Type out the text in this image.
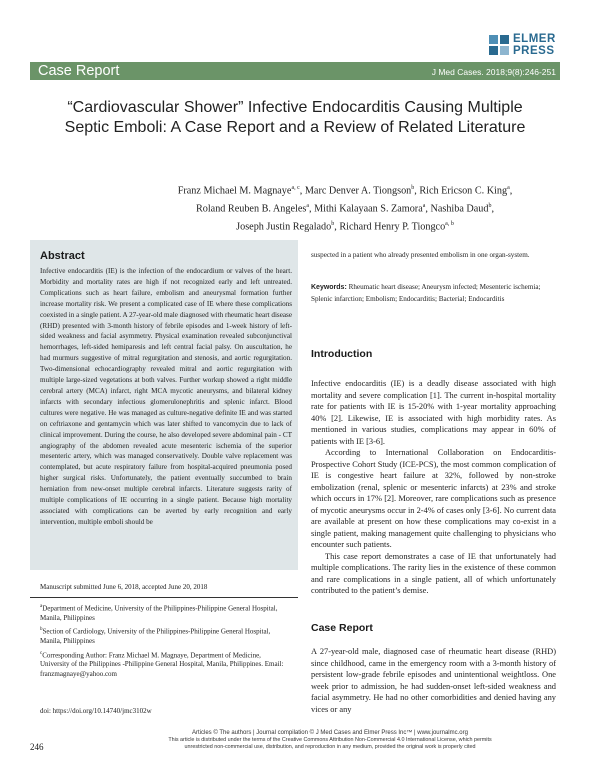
ELMER
PRESS
Case Report	J Med Cases. 2018;9(8):246-251
“Cardiovascular Shower” Infective Endocarditis Causing Multiple Septic Emboli: A Case Report and a Review of Related Literature
Franz Michael M. Magnaye$^{a, c}$, Marc Denver A. Tiongson$^b$, Rich Ericson C. King$^a$,
Roland Reuben B. Angeles$^a$, Mithi Kalayaan S. Zamora$^a$, Nashiba Daud$^b$,
Joseph Justin Regalado$^b$, Richard Henry P. Tiongco$^{a, b}$
Abstract
Infective endocarditis (IE) is the infection of the endocardium or valves of the heart. Morbidity and mortality rates are high if not recognized early and left untreated. Complications such as heart failure, embolism and aneurysmal formation further increase mortality risk. We present a complicated case of IE where these complications coexisted in a single patient. A 27-year-old male diagnosed with rheumatic heart disease (RHD) presented with 3-month history of febrile episodes and 1-week history of left-sided weakness and facial asymmetry. Physical examination revealed subconjunctival hemorrhages, left-sided hemiparesis and left central facial palsy. On auscultation, he had murmurs suggestive of mitral regurgitation and stenosis, and aortic regurgitation. Two-dimensional echocardiography revealed mitral and aortic regurgitation with multiple large-sized vegetations at both valves. Further workup showed a right middle cerebral artery (MCA) infarct, right MCA mycotic aneurysms, and bilateral kidney infarcts with secondary infectious glomerulonephritis and splenic infarct. Blood cultures were negative. He was managed as culture-negative definite IE and was started on ceftriaxone and gentamycin which was later shifted to vancomycin due to lack of clinical improvement. During the course, he also developed severe abdominal pain - CT angiography of the abdomen revealed acute mesenteric ischemia of the superior mesenteric artery, which was managed conservatively. Double valve replacement was contemplated, but acute respiratory failure from hospital-acquired pneumonia posed higher surgical risks. Unfortunately, the patient eventually succumbed to brain herniation from new-onset multiple cerebral infarcts. Literature suggests rarity of multiple complications of IE occurring in a single patient. Because high mortality associated with complications can be averted by early recognition and early intervention, multiple emboli should be
suspected in a patient who already presented embolism in one organ-system.
Keywords: Rheumatic heart disease; Aneurysm infected; Mesenteric ischemia; Splenic infarction; Embolism; Endocarditis; Bacterial; Endocarditis
Introduction

Infective endocarditis (IE) is a deadly disease associated with high mortality and severe complication [1]. The current in-hospital mortality rate for patients with IE is 15-20% with 1-year mortality approaching 40% [2]. Likewise, IE is associated with high morbidity rates. As mentioned in various studies, complications may appear in 60% of patients with IE [3-6].

According to International Collaboration on Endocarditis-Prospective Cohort Study (ICE-PCS), the most common complication of IE is congestive heart failure at 32%, followed by non-stroke embolization (renal, splenic or mesenteric infarcts) at 23% and stroke which occurs in 17% [2]. Moreover, rare complications such as presence of mycotic aneurysms occur in 2-4% of cases only [3-6]. No current data are available at present on how these complications may co-exist in a single patient, making management quite challenging to physicians who encounter such patients.

This case report demonstrates a case of IE that unfortunately had multiple complications. The rarity lies in the existence of these common and rare complications in a single patient, all of which unfortunately contributed to the patient’s demise.

Case Report

A 27-year-old male, diagnosed case of rheumatic heart disease (RHD) since childhood, came in the emergency room with a 3-month history of persistent low-grade febrile episodes and unintentional weightloss. One week prior to admission, he had sudden-onset left-sided weakness and facial asymmetry. He had no other comorbidities and denied having any vices or any

Manuscript submitted June 6, 2018, accepted June 20, 2018

$^a$Department of Medicine, University of the Philippines-Philippine General Hospital, Manila, Philippines

$^b$Section of Cardiology, University of the Philippines-Philippine General Hospital, Manila, Philippines

$^c$Corresponding Author: Franz Michael M. Magnaye, Department of Medicine, University of the Philippines -Philippine General Hospital, Manila, Philippines. Email: franzmagnaye@yahoo.com

doi: https://doi.org/10.14740/jmc3102w
Articles © The authors | Journal compilation © J Med Cases and Elmer Press Inc™ | www.journalmc.org
This article is distributed under the terms of the Creative Commons Attribution Non-Commercial 4.0 International License, which permits
unrestricted non-commercial use, distribution, and reproduction in any medium, provided the original work is properly cited
246
